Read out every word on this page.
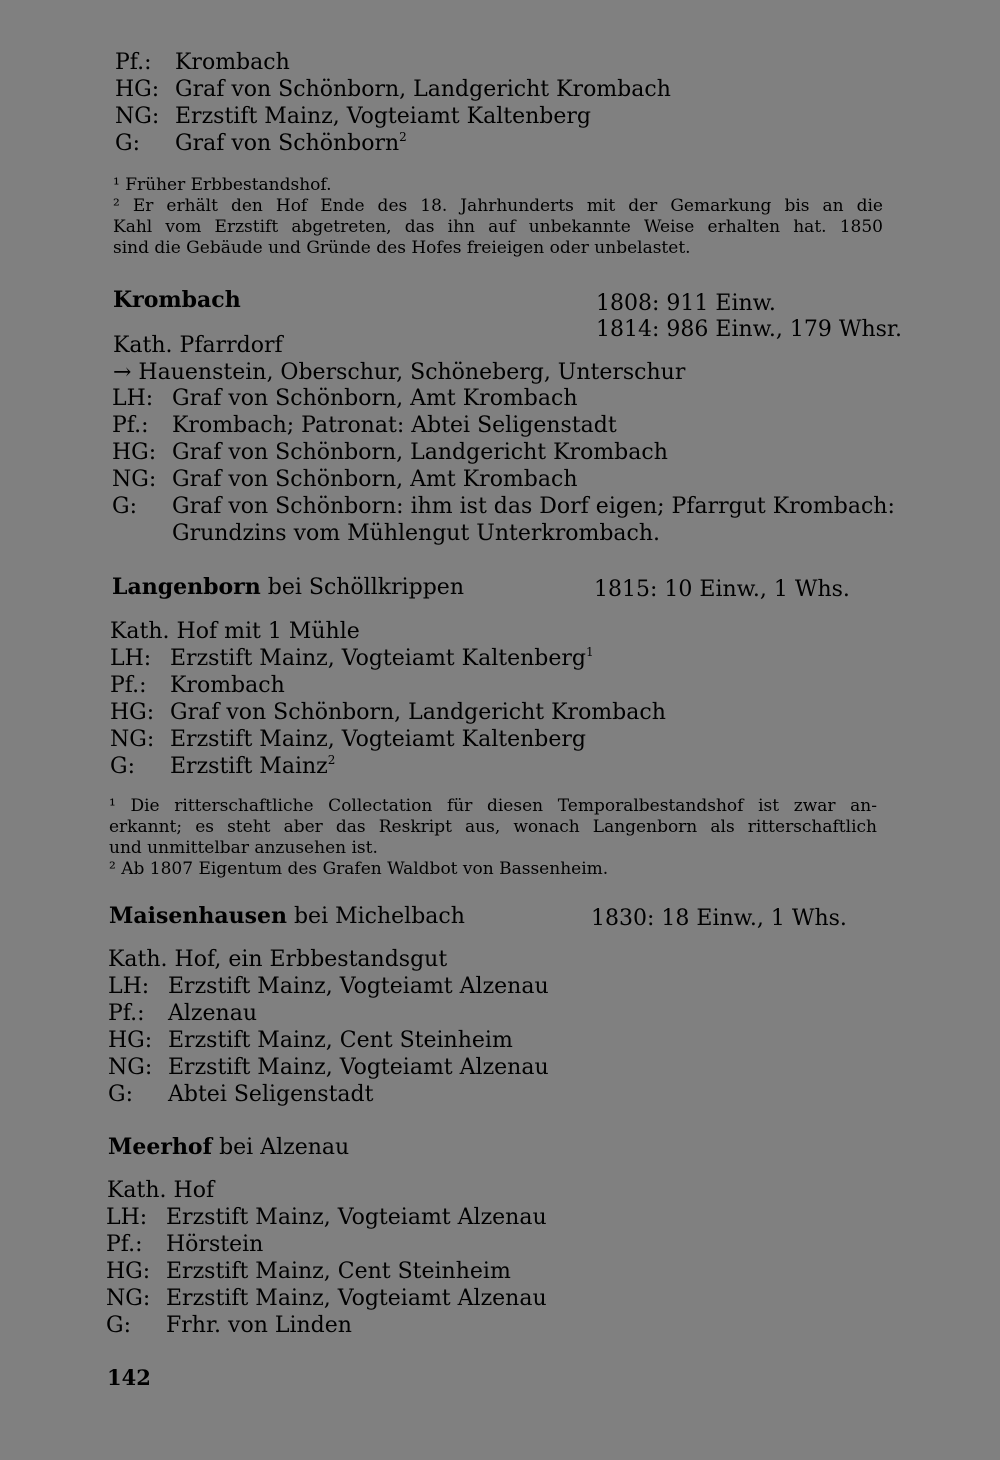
Pf.: Krombach
HG: Graf von Schönborn, Landgericht Krombach
NG: Erzstift Mainz, Vogteiamt Kaltenberg
G: Graf von Schönborn$^2$
¹ Früher Erbbestandshof.
² Er erhält den Hof Ende des 18. Jahrhunderts mit der Gemarkung bis an die
Kahl vom Erzstift abgetreten, das ihn auf unbekannte Weise erhalten hat. 1850
sind die Gebäude und Gründe des Hofes freieigen oder unbelastet.
Krombach	1808: 911 Einw.
1814: 986 Einw., 179 Whsr.
Kath. Pfarrdorf
→ Hauenstein, Oberschur, Schöneberg, Unterschur
LH: Graf von Schönborn, Amt Krombach
Pf.: Krombach; Patronat: Abtei Seligenstadt
HG: Graf von Schönborn, Landgericht Krombach
NG: Graf von Schönborn, Amt Krombach
G: Graf von Schönborn: ihm ist das Dorf eigen; Pfarrgut Krombach:
Grundzins vom Mühlengut Unterkrombach.
Langenborn bei Schöllkrippen	1815: 10 Einw., 1 Whs.
Kath. Hof mit 1 Mühle
LH: Erzstift Mainz, Vogteiamt Kaltenberg$^1$
Pf.: Krombach
HG: Graf von Schönborn, Landgericht Krombach
NG: Erzstift Mainz, Vogteiamt Kaltenberg
G: Erzstift Mainz$^2$
¹ Die ritterschaftliche Collectation für diesen Temporalbestandshof ist zwar an-
erkannt; es steht aber das Reskript aus, wonach Langenborn als ritterschaftlich
und unmittelbar anzusehen ist.
² Ab 1807 Eigentum des Grafen Waldbot von Bassenheim.
Maisenhausen bei Michelbach	1830: 18 Einw., 1 Whs.
Kath. Hof, ein Erbbestandsgut
LH: Erzstift Mainz, Vogteiamt Alzenau
Pf.: Alzenau
HG: Erzstift Mainz, Cent Steinheim
NG: Erzstift Mainz, Vogteiamt Alzenau
G: Abtei Seligenstadt
Meerhof bei Alzenau
Kath. Hof
LH: Erzstift Mainz, Vogteiamt Alzenau
Pf.: Hörstein
HG: Erzstift Mainz, Cent Steinheim
NG: Erzstift Mainz, Vogteiamt Alzenau
G: Frhr. von Linden
142
